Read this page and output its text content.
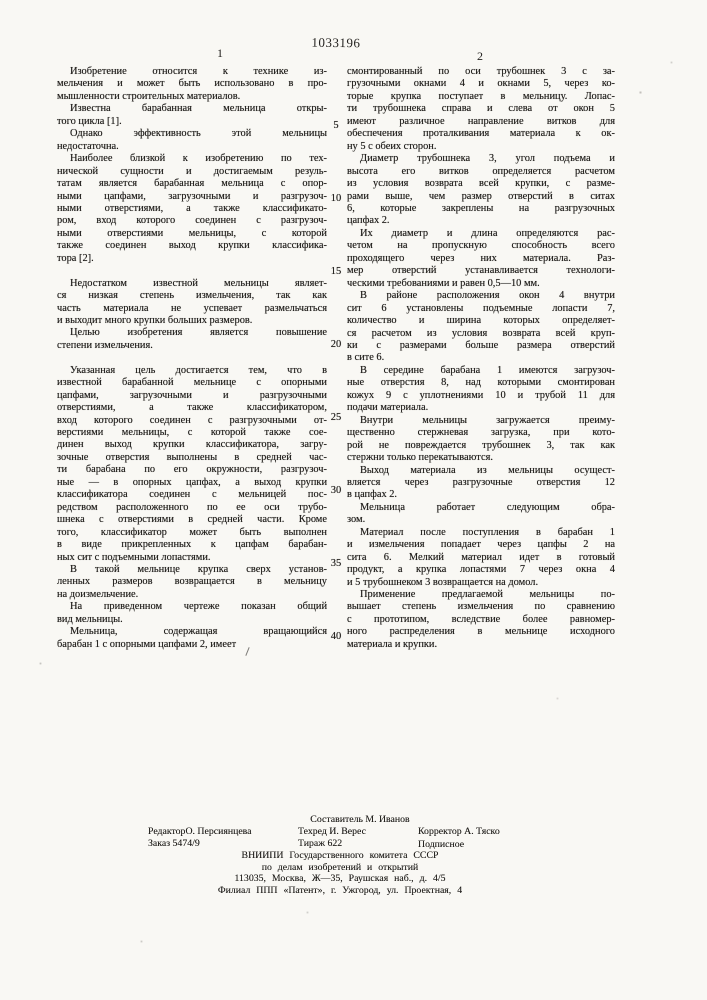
1033196
1	2
Изобретение относится к технике из-
мельчения и может быть использовано в про-
мышленности строительных материалов.
Известна барабанная мельница откры-
того цикла [1].
Однако эффективность этой мельницы
недостаточна.
Наиболее близкой к изобретению по тех-
нической сущности и достигаемым резуль-
татам является барабанная мельница с опор-
ными цапфами, загрузочными и разгрузоч-
ными отверстиями, а также классификато-
ром, вход которого соединен с разгрузоч-
ными отверстиями мельницы, с которой
также соединен выход крупки классифика-
тора [2].
Недостатком известной мельницы являет-
ся низкая степень измельчения, так как
часть материала не успевает размельчаться
и выходит много крупки больших размеров.
Целью изобретения является повышение
степени измельчения.
Указанная цель достигается тем, что в
известной барабанной мельнице с опорными
цапфами, загрузочными и разгрузочными
отверстиями, а также классификатором,
вход которого соединен с разгрузочными от-
верстиями мельницы, с которой также сое-
динен выход крупки классификатора, загру-
зочные отверстия выполнены в средней час-
ти барабана по его окружности, разгрузоч-
ные — в опорных цапфах, а выход крупки
классификатора соединен с мельницей пос-
редством расположенного по ее оси трубо-
шнека с отверстиями в средней части. Кроме
того, классификатор может быть выполнен
в виде прикрепленных к цапфам барабан-
ных сит с подъемными лопастями.
В такой мельнице крупка сверх установ-
ленных размеров возвращается в мельницу
на доизмельчение.
На приведенном чертеже показан общий
вид мельницы.
Мельница, содержащая вращающийся
барабан 1 с опорными цапфами 2, имеет
смонтированный по оси трубошнек 3 с за-
грузочными окнами 4 и окнами 5, через ко-
торые крупка поступает в мельницу. Лопас-
ти трубошнека справа и слева от окон 5
имеют различное направление витков для
обеспечения проталкивания материала к ок-
ну 5 с обеих сторон.
Диаметр трубошнека 3, угол подъема и
высота его витков определяется расчетом
из условия возврата всей крупки, с разме-
рами выше, чем размер отверстий в ситах
6, которые закреплены на разгрузочных
цапфах 2.
Их диаметр и длина определяются рас-
четом на пропускную способность всего
проходящего через них материала. Раз-
мер отверстий устанавливается технологи-
ческими требованиями и равен 0,5—10 мм.
В районе расположения окон 4 внутри
сит 6 установлены подъемные лопасти 7,
количество и ширина которых определяет-
ся расчетом из условия возврата всей круп-
ки с размерами больше размера отверстий
в сите 6.
В середине барабана 1 имеются загрузоч-
ные отверстия 8, над которыми смонтирован
кожух 9 с уплотнениями 10 и трубой 11 для
подачи материала.
Внутри мельницы загружается преиму-
щественно стержневая загрузка, при кото-
рой не повреждается трубошнек 3, так как
стержни только перекатываются.
Выход материала из мельницы осущест-
вляется через разгрузочные отверстия 12
в цапфах 2.
Мельница работает следующим обра-
зом.
Материал после поступления в барабан 1
и измельчения попадает через цапфы 2 на
сита 6. Мелкий материал идет в готовый
продукт, а крупка лопастями 7 через окна 4
и 5 трубошнеком 3 возвращается на домол.
Применение предлагаемой мельницы по-
вышает степень измельчения по сравнению
с прототипом, вследствие более равномер-
ного распределения в мельнице исходного
материала и крупки.
5
10
15
20
25
30
35
40
Составитель М. Иванов
РедакторО. Персиянцева	Техред И. Верес	Корректор А. Тяско
Заказ 5474/9	Тираж 622	Подписное
ВНИИПИ Государственного комитета СССР
по делам изобретений и открытий
113035, Москва, Ж—35, Раушская наб., д. 4/5
Филиал ППП «Патент», г. Ужгород, ул. Проектная, 4
